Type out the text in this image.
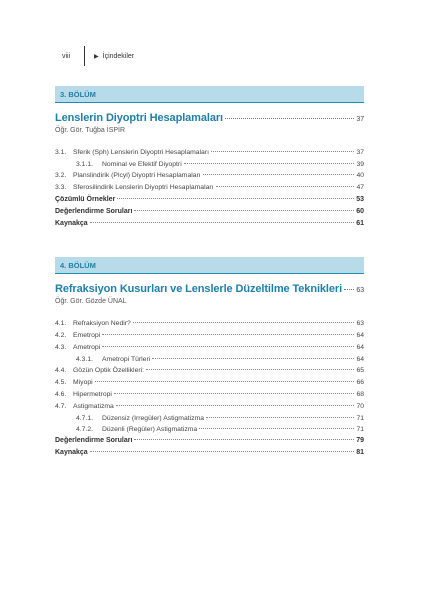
viii	▶ İçindekiler
3. BÖLÜM
Lenslerin Diyoptri Hesaplamaları	37
Öğr. Gör. Tuğba İSPİR
3.1. Sferik (Sph) Lenslerin Diyoptri Hesaplamaları	37
3.1.1.	Nominal ve Efektif Diyoptri	39
3.2. Planslindirik (Plcyl) Diyoptri Hesaplamaları	40
3.3. Sferosilindirik Lenslerin Diyoptri Hesaplamaları	47
Çözümlü Örnekler	53
Değerlendirme Soruları	60
Kaynakça	61
4. BÖLÜM
Refraksiyon Kusurları ve Lenslerle Düzeltilme Teknikleri 63
Öğr. Gör. Gözde ÜNAL
4.1. Refraksiyon Nedir?	63
4.2. Emetropi	64
4.3. Ametropi	64
4.3.1.	Ametropi Türleri	64
4.4. Gözün Optik Özellikleri:	65
4.5. Miyopi	66
4.6. Hipermetropi	68
4.7. Astigmatizma	70
4.7.1.	Düzensiz (Irregüler) Astigmatizma	71
4.7.2.	Düzenli (Regüler) Astigmatizma	71
Değerlendirme Soruları	79
Kaynakça	81
